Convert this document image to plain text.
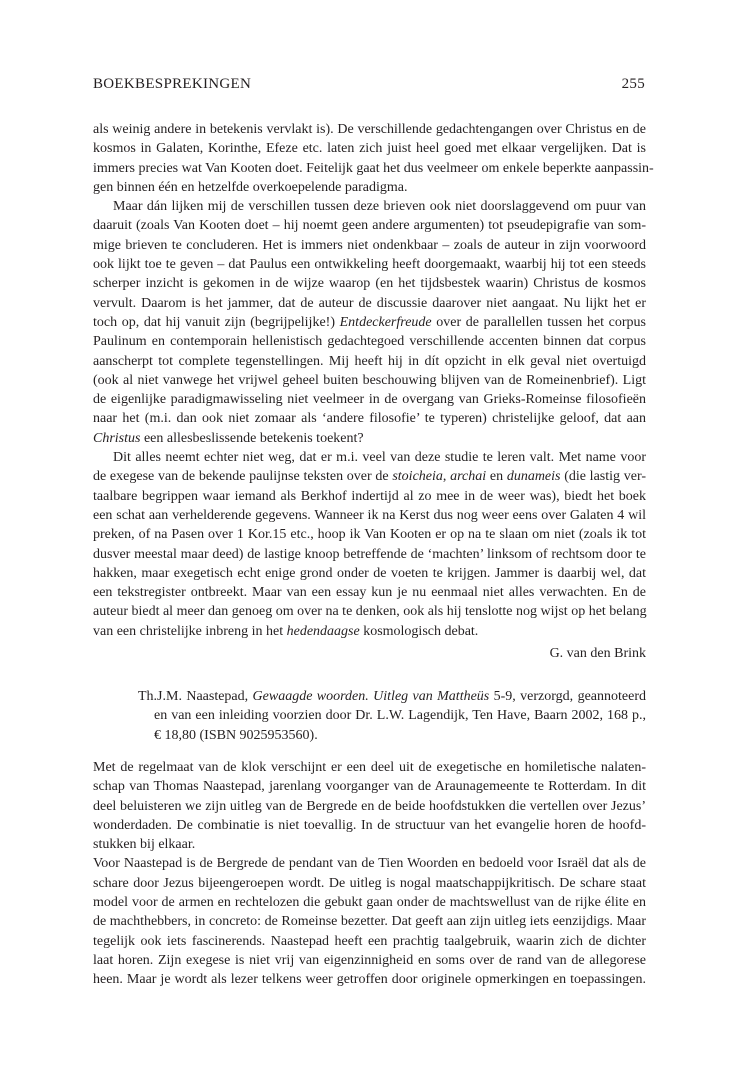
BOEKBESPREKINGEN	255
als weinig andere in betekenis vervlakt is). De verschillende gedachtengangen over Christus en de
kosmos in Galaten, Korinthe, Efeze etc. laten zich juist heel goed met elkaar vergelijken. Dat is
immers precies wat Van Kooten doet. Feitelijk gaat het dus veelmeer om enkele beperkte aanpassin-
gen binnen één en hetzelfde overkoepelende paradigma.
Maar dán lijken mij de verschillen tussen deze brieven ook niet doorslaggevend om puur van
daaruit (zoals Van Kooten doet – hij noemt geen andere argumenten) tot pseudepigrafie van som-
mige brieven te concluderen. Het is immers niet ondenkbaar – zoals de auteur in zijn voorwoord
ook lijkt toe te geven – dat Paulus een ontwikkeling heeft doorgemaakt, waarbij hij tot een steeds
scherper inzicht is gekomen in de wijze waarop (en het tijdsbestek waarin) Christus de kosmos
vervult. Daarom is het jammer, dat de auteur de discussie daarover niet aangaat. Nu lijkt het er
toch op, dat hij vanuit zijn (begrijpelijke!) Entdeckerfreude over de parallellen tussen het corpus
Paulinum en contemporain hellenistisch gedachtegoed verschillende accenten binnen dat corpus
aanscherpt tot complete tegenstellingen. Mij heeft hij in dít opzicht in elk geval niet overtuigd
(ook al niet vanwege het vrijwel geheel buiten beschouwing blijven van de Romeinenbrief). Ligt
de eigenlijke paradigmawisseling niet veelmeer in de overgang van Grieks-Romeinse filosofieën
naar het (m.i. dan ook niet zomaar als ‘andere filosofie’ te typeren) christelijke geloof, dat aan
Christus een allesbeslissende betekenis toekent?
Dit alles neemt echter niet weg, dat er m.i. veel van deze studie te leren valt. Met name voor
de exegese van de bekende paulijnse teksten over de stoicheia, archai en dunameis (die lastig ver-
taalbare begrippen waar iemand als Berkhof indertijd al zo mee in de weer was), biedt het boek
een schat aan verhelderende gegevens. Wanneer ik na Kerst dus nog weer eens over Galaten 4 wil
preken, of na Pasen over 1 Kor.15 etc., hoop ik Van Kooten er op na te slaan om niet (zoals ik tot
dusver meestal maar deed) de lastige knoop betreffende de ‘machten’ linksom of rechtsom door te
hakken, maar exegetisch echt enige grond onder de voeten te krijgen. Jammer is daarbij wel, dat
een tekstregister ontbreekt. Maar van een essay kun je nu eenmaal niet alles verwachten. En de
auteur biedt al meer dan genoeg om over na te denken, ook als hij tenslotte nog wijst op het belang
van een christelijke inbreng in het hedendaagse kosmologisch debat.
G. van den Brink
Th.J.M. Naastepad, Gewaagde woorden. Uitleg van Mattheüs 5-9, verzorgd, geannoteerd
en van een inleiding voorzien door Dr. L.W. Lagendijk, Ten Have, Baarn 2002, 168 p.,
€ 18,80 (ISBN 9025953560).
Met de regelmaat van de klok verschijnt er een deel uit de exegetische en homiletische nalaten-
schap van Thomas Naastepad, jarenlang voorganger van de Araunagemeente te Rotterdam. In dit
deel beluisteren we zijn uitleg van de Bergrede en de beide hoofdstukken die vertellen over Jezus’
wonderdaden. De combinatie is niet toevallig. In de structuur van het evangelie horen de hoofd-
stukken bij elkaar.
Voor Naastepad is de Bergrede de pendant van de Tien Woorden en bedoeld voor Israël dat als de
schare door Jezus bijeengeroepen wordt. De uitleg is nogal maatschappijkritisch. De schare staat
model voor de armen en rechtelozen die gebukt gaan onder de machtswellust van de rijke élite en
de machthebbers, in concreto: de Romeinse bezetter. Dat geeft aan zijn uitleg iets eenzijdigs. Maar
tegelijk ook iets fascinerends. Naastepad heeft een prachtig taalgebruik, waarin zich de dichter
laat horen. Zijn exegese is niet vrij van eigenzinnigheid en soms over de rand van de allegorese
heen. Maar je wordt als lezer telkens weer getroffen door originele opmerkingen en toepassingen.
